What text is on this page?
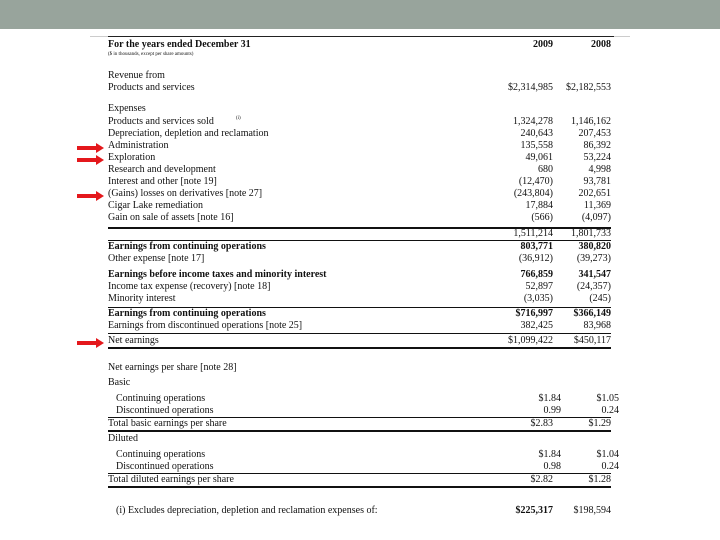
For the years ended December 31	2009	2008
($ in thousands, except per share amounts)
Revenue from
Products and services	$2,314,985 $2,182,553
Expenses
Products and services sold	(i)	1,324,278 1,146,162
Depreciation, depletion and reclamation	240,643	207,453
Administration	135,558	86,392
Exploration	49,061	53,224
Research and development	680	4,998
Interest and other [note 19]	(12,470)	93,781
(Gains) losses on derivatives [note 27]	(243,804)	202,651
Cigar Lake remediation	17,884	11,369
Gain on sale of assets [note 16]	(566)	(4,097)
1,511,214 1,801,733
Earnings from continuing operations	803,771	380,820
Other expense [note 17]	(36,912) (39,273)
Earnings before income taxes and minority interest	766,859	341,547
Income tax expense (recovery) [note 18]	52,897 (24,357)
Minority interest	(3,035)	(245)
Earnings from continuing operations	$716,997 $366,149
Earnings from discontinued operations [note 25]	382,425	83,968
Net earnings	$1,099,422 $450,117
Net earnings per share [note 28]
Basic
Diluted
Continuing operations	$1.84	$1.05
Discontinued operations	0.99	0.24
Total basic earnings per share	$2.83	$1.29
Continuing operations	$1.84	$1.04
Discontinued operations	0.98	0.24
Total diluted earnings per share	$2.82	$1.28
(i) Excludes depreciation, depletion and reclamation expenses of:	$225,317 $198,594
